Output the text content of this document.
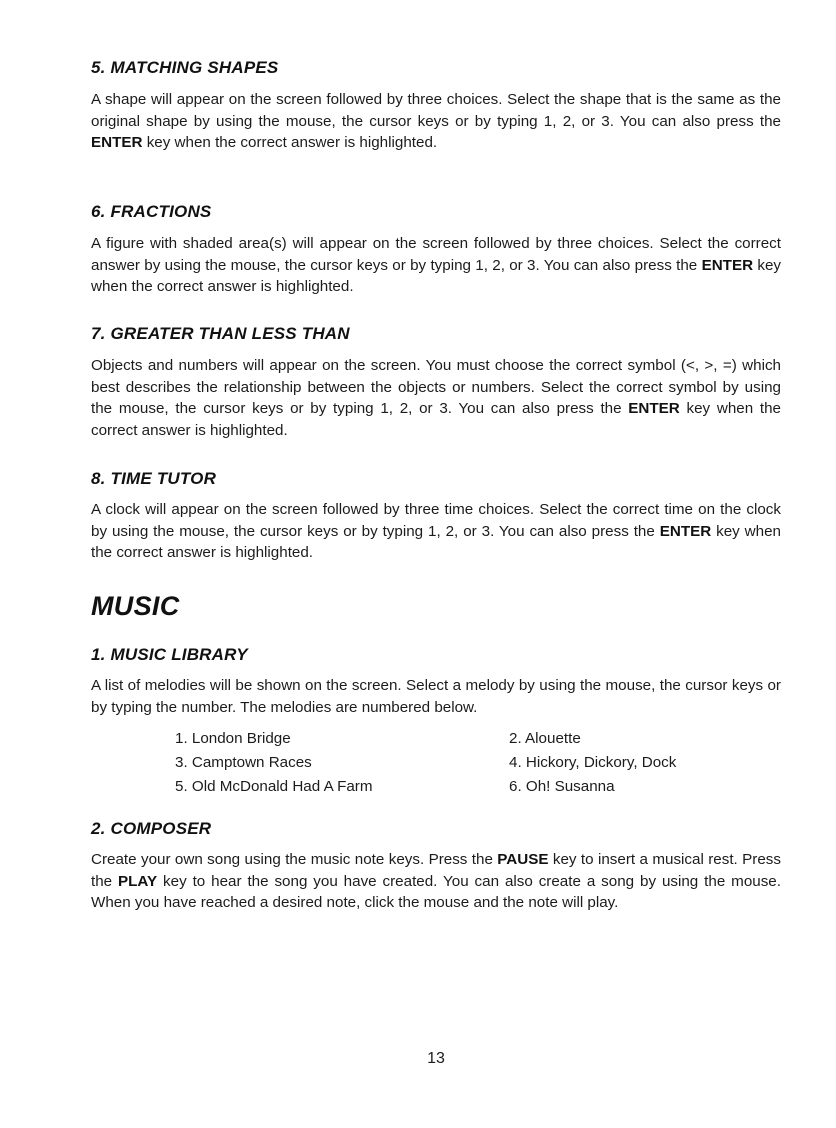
5. MATCHING SHAPES

A shape will appear on the screen followed by three choices. Select the shape that is the same as the original shape by using the mouse, the cursor keys or by typing 1, 2, or 3. You can also press the ENTER key when the correct answer is highlighted.

6. FRACTIONS

A figure with shaded area(s) will appear on the screen followed by three choices. Select the correct answer by using the mouse, the cursor keys or by typing 1, 2, or 3. You can also press the ENTER key when the correct answer is highlighted.

7. GREATER THAN LESS THAN

Objects and numbers will appear on the screen. You must choose the correct symbol (<, >, =) which best describes the relationship between the objects or numbers. Select the correct symbol by using the mouse, the cursor keys or by typing 1, 2, or 3. You can also press the ENTER key when the correct answer is highlighted.

8. TIME TUTOR

A clock will appear on the screen followed by three time choices. Select the correct time on the clock by using the mouse, the cursor keys or by typing 1, 2, or 3. You can also press the ENTER key when the correct answer is highlighted.

MUSIC
1. MUSIC LIBRARY

A list of melodies will be shown on the screen. Select a melody by using the mouse, the cursor keys or by typing the number. The melodies are numbered below.

1. London Bridge	2. Alouette
3. Camptown Races	4. Hickory, Dickory, Dock
5. Old McDonald Had A Farm	6. Oh! Susanna
2. COMPOSER

Create your own song using the music note keys. Press the PAUSE key to insert a musical rest. Press the PLAY key to hear the song you have created. You can also create a song by using the mouse. When you have reached a desired note, click the mouse and the note will play.

13
